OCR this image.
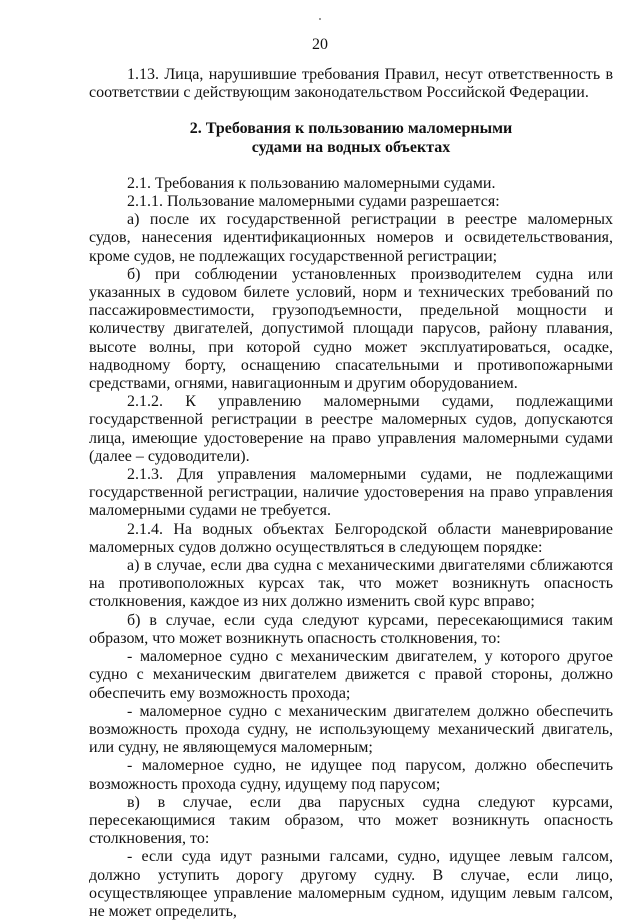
20

1.13. Лица, нарушившие требования Правил, несут ответственность в соответствии с действующим законодательством Российской Федерации.

2. Требования к пользованию маломерными
судами на водных объектах

2.1. Требования к пользованию маломерными судами.

2.1.1. Пользование маломерными судами разрешается:

а) после их государственной регистрации в реестре маломерных судов, нанесения идентификационных номеров и освидетельствования, кроме судов, не подлежащих государственной регистрации;

б) при соблюдении установленных производителем судна или указанных в судовом билете условий, норм и технических требований по пассажировместимости, грузоподъемности, предельной мощности и количеству двигателей, допустимой площади парусов, району плавания, высоте волны, при которой судно может эксплуатироваться, осадке, надводному борту, оснащению спасательными и противопожарными средствами, огнями, навигационным и другим оборудованием.

2.1.2. К управлению маломерными судами, подлежащими государственной регистрации в реестре маломерных судов, допускаются лица, имеющие удостоверение на право управления маломерными судами (далее – судоводители).

2.1.3. Для управления маломерными судами, не подлежащими государственной регистрации, наличие удостоверения на право управления маломерными судами не требуется.

2.1.4. На водных объектах Белгородской области маневрирование маломерных судов должно осуществляться в следующем порядке:

а) в случае, если два судна с механическими двигателями сближаются на противоположных курсах так, что может возникнуть опасность столкновения, каждое из них должно изменить свой курс вправо;

б) в случае, если суда следуют курсами, пересекающимися таким образом, что может возникнуть опасность столкновения, то:

- маломерное судно с механическим двигателем, у которого другое судно с механическим двигателем движется с правой стороны, должно обеспечить ему возможность прохода;

- маломерное судно с механическим двигателем должно обеспечить возможность прохода судну, не использующему механический двигатель, или судну, не являющемуся маломерным;

- маломерное судно, не идущее под парусом, должно обеспечить возможность прохода судну, идущему под парусом;

в) в случае, если два парусных судна следуют курсами, пересекающимися таким образом, что может возникнуть опасность столкновения, то:

- если суда идут разными галсами, судно, идущее левым галсом, должно уступить дорогу другому судну. В случае, если лицо, осуществляющее управление маломерным судном, идущим левым галсом, не может определить,
